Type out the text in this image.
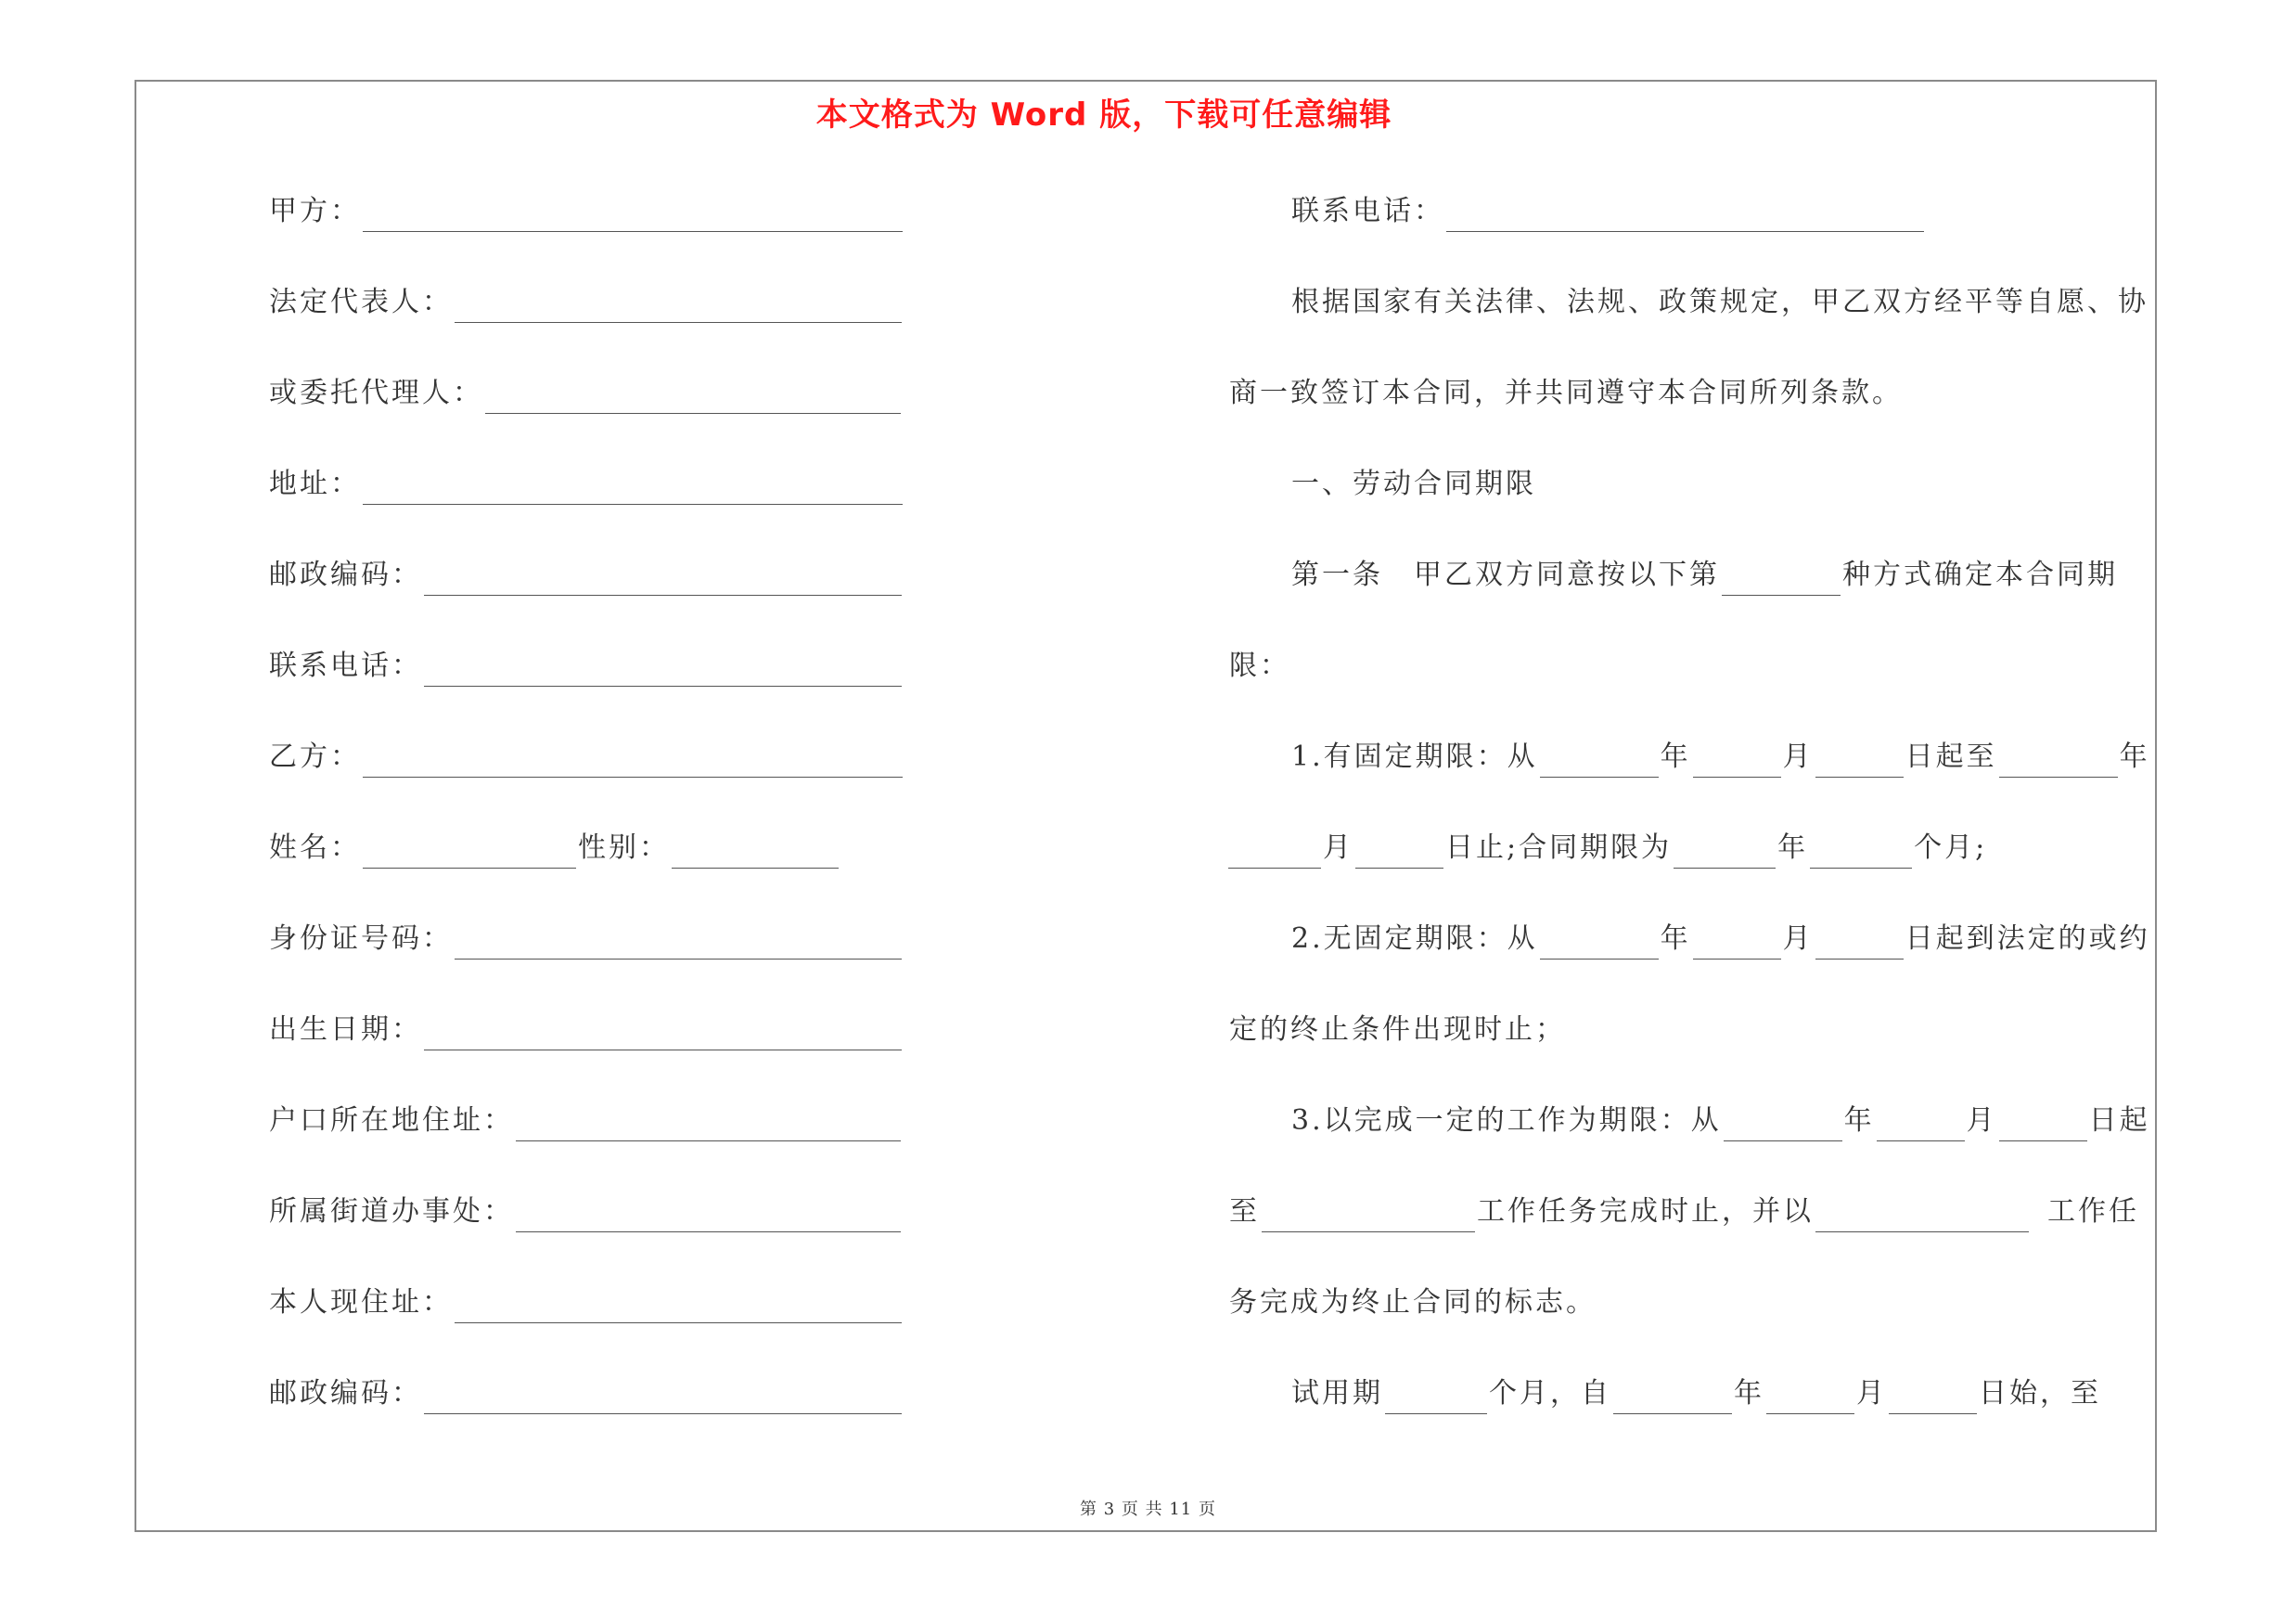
本文格式为 Word 版，下载可任意编辑
甲方：
法定代表人：
或委托代理人：
地址：
邮政编码：
联系电话：
乙方：
姓名：	性别：
身份证号码：
出生日期：
户口所在地住址：
所属街道办事处：
本人现住址：
邮政编码：
联系电话：
根据国家有关法律、法规、政策规定，甲乙双方经平等自愿、协
商一致签订本合同，并共同遵守本合同所列条款。
一、劳动合同期限
第一条　甲乙双方同意按以下第	种方式确定本合同期
限：
1.有固定期限：从	年	月	日起至	年
月	日止;合同期限为	年	个月;
2.无固定期限：从	年	月	日起到法定的或约
定的终止条件出现时止；
3.以完成一定的工作为期限：从	年	月	日起
至	工作任务完成时止，并以	工作任
务完成为终止合同的标志。
试用期	个月，自	年	月	日始，至
第 3 页 共 11 页
